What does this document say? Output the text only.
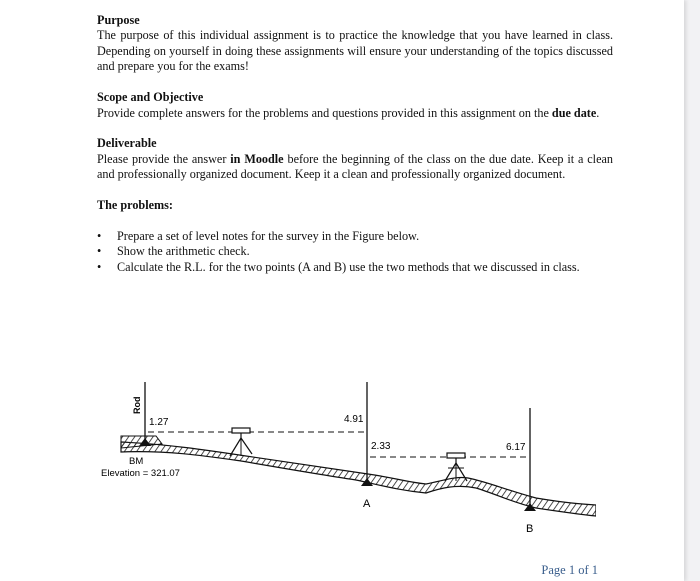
Purpose

The purpose of this individual assignment is to practice the knowledge that you have learned in class. Depending on yourself in doing these assignments will ensure your understanding of the topics discussed and prepare you for the exams!

Scope and Objective

Provide complete answers for the problems and questions provided in this assignment on the due date.

Deliverable

Please provide the answer in Moodle before the beginning of the class on the due date. Keep it a clean and professionally organized document. Keep it a clean and professionally organized document.

The problems:
• Prepare a set of level notes for the survey in the Figure below.
• Show the arithmetic check.
• Calculate the R.L. for the two points (A and B) use the two methods that we discussed in class.
Rod
1.27
BM
Elevation = 321.07
4.91
A
2.33	6.17
B
Page 1 of 1
